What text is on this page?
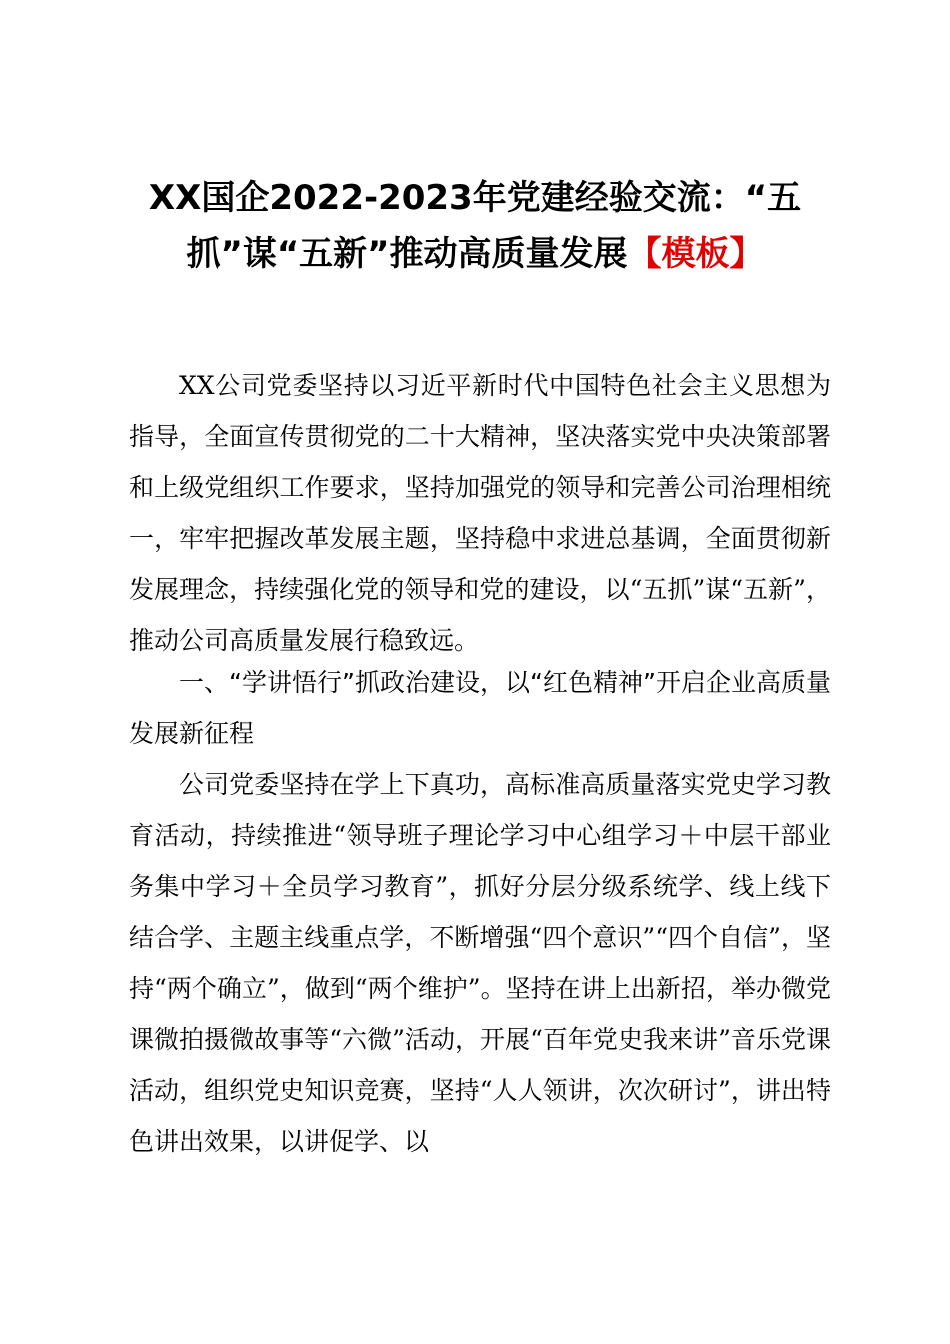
XX国企2022-2023年党建经验交流：“五抓”谋“五新”推动高质量发展【模板】

XX公司党委坚持以习近平新时代中国特色社会主义思想为指导，全面宣传贯彻党的二十大精神，坚决落实党中央决策部署和上级党组织工作要求，坚持加强党的领导和完善公司治理相统一，牢牢把握改革发展主题，坚持稳中求进总基调，全面贯彻新发展理念，持续强化党的领导和党的建设，以“五抓”谋“五新”，推动公司高质量发展行稳致远。

一、“学讲悟行”抓政治建设，以“红色精神”开启企业高质量发展新征程

公司党委坚持在学上下真功，高标准高质量落实党史学习教育活动，持续推进“领导班子理论学习中心组学习＋中层干部业务集中学习＋全员学习教育”，抓好分层分级系统学、线上线下结合学、主题主线重点学，不断增强“四个意识”“四个自信”，坚持“两个确立”，做到“两个维护”。坚持在讲上出新招，举办微党课微拍摄微故事等“六微”活动，开展“百年党史我来讲”音乐党课活动，组织党史知识竞赛，坚持“人人领讲，次次研讨”，讲出特色讲出效果，以讲促学、以
